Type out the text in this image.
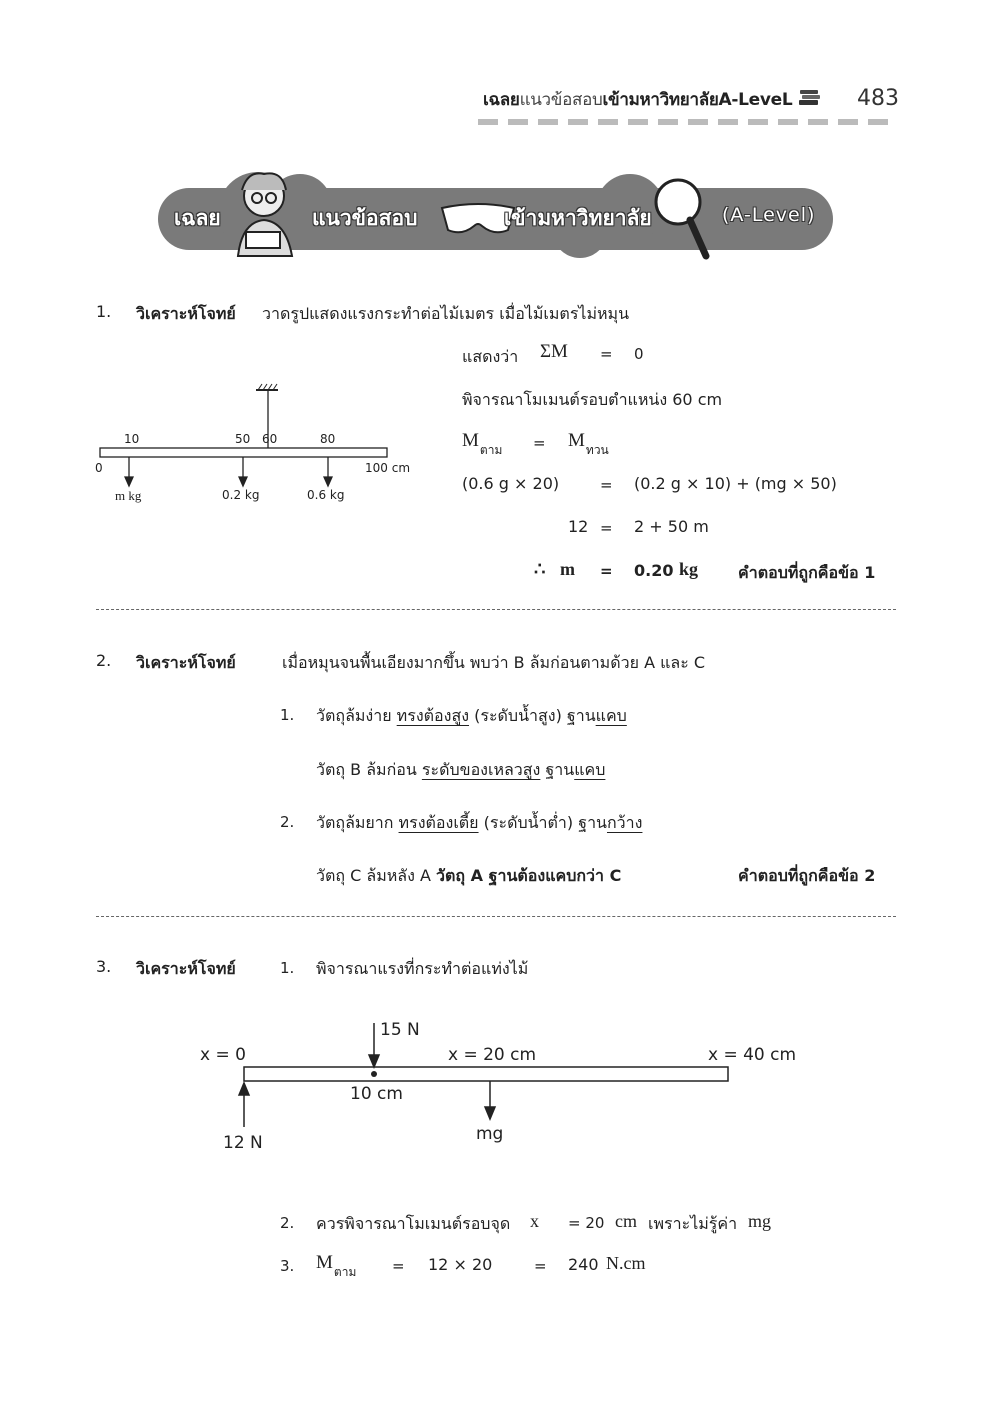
เฉลยแนวข้อสอบเข้ามหาวิทยาลัยA-LeveL	483
เฉลย	แนวข้อสอบ	เข้ามหาวิทยาลัย	(A-Level)
1. วิเคราะห์โจทย์ วาดรูปแสดงแรงกระทำต่อไม้เมตร เมื่อไม้เมตรไม่หมุน
แสดงว่า ΣM = 0
พิจารณาโมเมนต์รอบตำแหน่ง 60 cm
$M_{ตาม} = M_{ทวน}$
(0.6 g × 20)	= (0.2 g × 10) + (mg × 50)
12 = 2 + 50 m
∴ m = 0.20 kg คำตอบที่ถูกคือข้อ 1
10	50 60	80
0	100 cm
m kg	0.2 kg	0.6 kg
2. วิเคราะห์โจทย์	เมื่อหมุนจนพื้นเอียงมากขึ้น พบว่า B ล้มก่อนตามด้วย A และ C
1. วัตถุล้มง่าย ทรงต้องสูง (ระดับน้ำสูง) ฐานแคบ
วัตถุ B ล้มก่อน ระดับของเหลวสูง ฐานแคบ
2. วัตถุล้มยาก ทรงต้องเตี้ย (ระดับน้ำต่ำ) ฐานกว้าง
วัตถุ C ล้มหลัง A วัตถุ A ฐานต้องแคบกว่า C	คำตอบที่ถูกคือข้อ 2
3. วิเคราะห์โจทย์	1. พิจารณาแรงที่กระทำต่อแท่งไม้
15 N
x = 0	x = 20 cm	x = 40 cm
10 cm
mg
12 N
2. ควรพิจารณาโมเมนต์รอบจุด x = 20 cm เพราะไม่รู้ค่า mg
3. $M_{ตาม} = 12 \times 20$	= 240 N.cm
